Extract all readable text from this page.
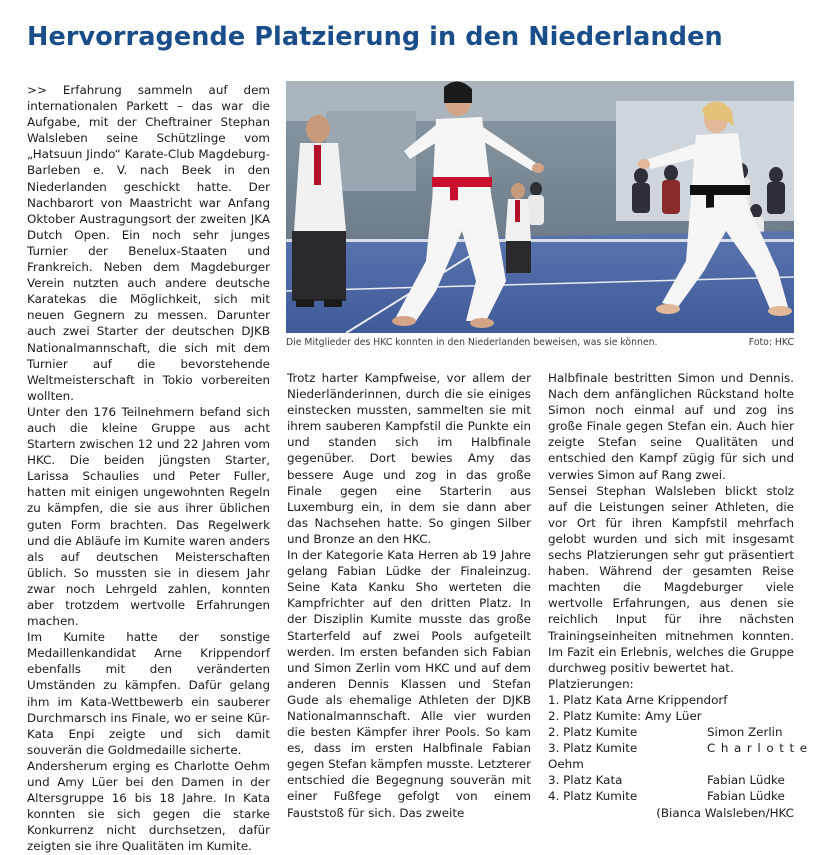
Hervorragende Platzierung in den Niederlanden

>> Erfahrung sammeln auf dem internationalen Parkett – das war die Aufgabe, mit der Cheftrainer Stephan Walsleben seine Schützlinge vom „Hatsuun Jindo“ Karate-Club Magdeburg-Barleben e. V. nach Beek in den Niederlanden geschickt hatte. Der Nachbarort von Maastricht war Anfang Oktober Austragungsort der zweiten JKA Dutch Open. Ein noch sehr junges Turnier der Benelux-Staaten und Frankreich. Neben dem Magdeburger Verein nutzten auch andere deutsche Karatekas die Möglichkeit, sich mit neuen Gegnern zu messen. Darunter auch zwei Starter der deutschen DJKB Nationalmannschaft, die sich mit dem Turnier auf die bevorstehende Weltmeisterschaft in Tokio vorbereiten wollten.

Unter den 176 Teilnehmern befand sich auch die kleine Gruppe aus acht Startern zwischen 12 und 22 Jahren vom HKC. Die beiden jüngsten Starter, Larissa Schaulies und Peter Fuller, hatten mit einigen ungewohnten Regeln zu kämpfen, die sie aus ihrer üblichen guten Form brachten. Das Regelwerk und die Abläufe im Kumite waren anders als auf deutschen Meisterschaften üblich. So mussten sie in diesem Jahr zwar noch Lehrgeld zahlen, konnten aber trotzdem wertvolle Erfahrungen machen.

Im Kumite hatte der sonstige Medaillenkandidat Arne Krippendorf ebenfalls mit den veränderten Umständen zu kämpfen. Dafür gelang ihm im Kata-Wettbewerb ein sauberer Durchmarsch ins Finale, wo er seine Kür-Kata Enpi zeigte und sich damit souverän die Goldmedaille sicherte.

Andersherum erging es Charlotte Oehm und Amy Lüer bei den Damen in der Altersgruppe 16 bis 18 Jahre. In Kata konnten sie sich gegen die starke Konkurrenz nicht durchsetzen, dafür zeigten sie ihre Qualitäten im Kumite.

Die Mitglieder des HKC konnten in den Niederlanden beweisen, was sie können.	Foto: HKC

Trotz harter Kampfweise, vor allem der Niederländerinnen, durch die sie einiges einstecken mussten, sammelten sie mit ihrem sauberen Kampfstil die Punkte ein und standen sich im Halbfinale gegenüber. Dort bewies Amy das bessere Auge und zog in das große Finale gegen eine Starterin aus Luxemburg ein, in dem sie dann aber das Nachsehen hatte. So gingen Silber und Bronze an den HKC.

In der Kategorie Kata Herren ab 19 Jahre gelang Fabian Lüdke der Finaleinzug. Seine Kata Kanku Sho werteten die Kampfrichter auf den dritten Platz. In der Disziplin Kumite musste das große Starterfeld auf zwei Pools aufgeteilt werden. Im ersten befanden sich Fabian und Simon Zerlin vom HKC und auf dem anderen Dennis Klassen und Stefan Gude als ehemalige Athleten der DJKB Nationalmannschaft. Alle vier wurden die besten Kämpfer ihrer Pools. So kam es, dass im ersten Halbfinale Fabian gegen Stefan kämpfen musste. Letzterer entschied die Begegnung souverän mit einer Fußfege gefolgt von einem Fauststoß für sich. Das zweite

Halbfinale bestritten Simon und Dennis. Nach dem anfänglichen Rückstand holte Simon noch einmal auf und zog ins große Finale gegen Stefan ein. Auch hier zeigte Stefan seine Qualitäten und entschied den Kampf zügig für sich und verwies Simon auf Rang zwei.

Sensei Stephan Walsleben blickt stolz auf die Leistungen seiner Athleten, die vor Ort für ihren Kampfstil mehrfach gelobt wurden und sich mit insgesamt sechs Platzierungen sehr gut präsentiert haben. Während der gesamten Reise machten die Magdeburger viele wertvolle Erfahrungen, aus denen sie reichlich Input für ihre nächsten Trainingseinheiten mitnehmen konnten. Im Fazit ein Erlebnis, welches die Gruppe durchweg positiv bewertet hat.

Platzierungen:

1. Platz Kata Arne Krippendorf
2. Platz Kumite: Amy Lüer
2. Platz Kumite	Simon Zerlin
3. Platz Kumite	Charlotte

Oehm
3. Platz Kata	Fabian Lüdke
4. Platz Kumite	Fabian Lüdke

(Bianca Walsleben/HKC
